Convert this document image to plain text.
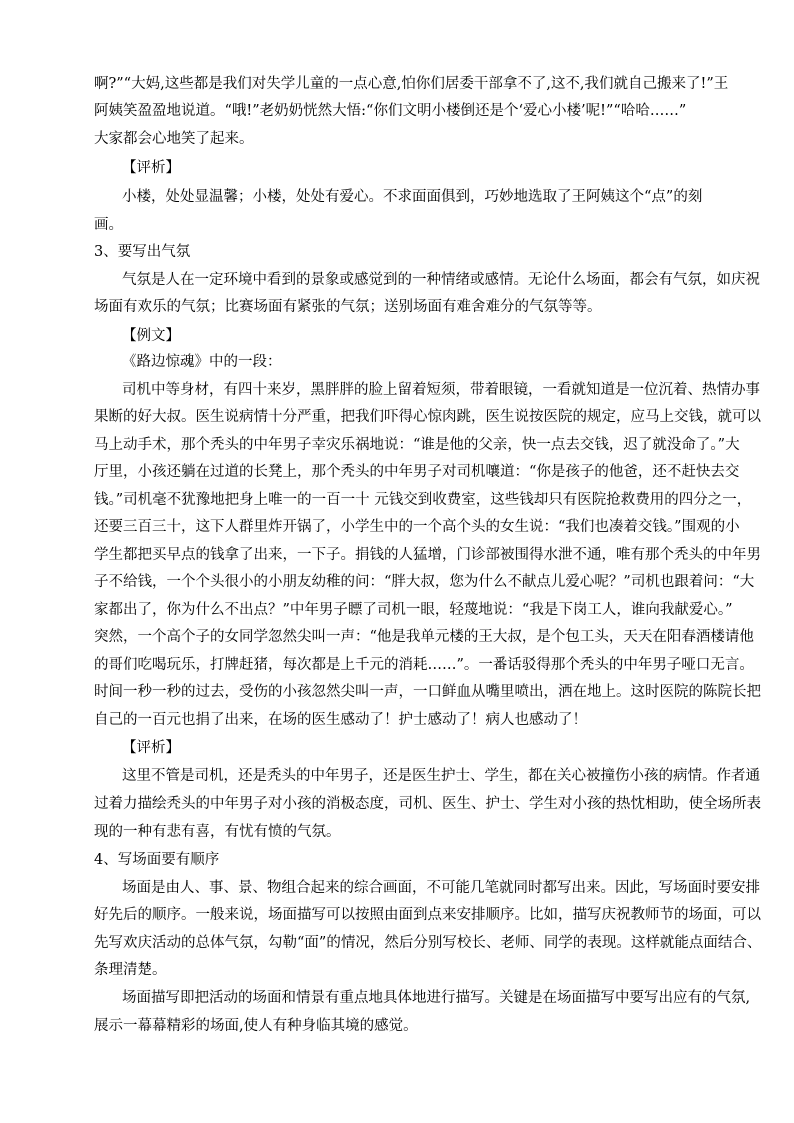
啊?”“大妈,这些都是我们对失学儿童的一点心意,怕你们居委干部拿不了,这不,我们就自己搬来了!”王
阿姨笑盈盈地说道。“哦!”老奶奶恍然大悟:“你们文明小楼倒还是个‘爱心小楼’呢!”“哈哈……”
大家都会心地笑了起来。
【评析】
小楼，处处显温馨；小楼，处处有爱心。不求面面俱到，巧妙地选取了王阿姨这个“点”的刻
画。
3、要写出气氛
气氛是人在一定环境中看到的景象或感觉到的一种情绪或感情。无论什么场面，都会有气氛，如庆祝
场面有欢乐的气氛；比赛场面有紧张的气氛；送别场面有难舍难分的气氛等等。
【例文】
《路边惊魂》中的一段：
司机中等身材，有四十来岁，黑胖胖的脸上留着短须，带着眼镜，一看就知道是一位沉着、热情办事
果断的好大叔。医生说病情十分严重，把我们吓得心惊肉跳，医生说按医院的规定，应马上交钱，就可以
马上动手术，那个秃头的中年男子幸灾乐祸地说：“谁是他的父亲，快一点去交钱，迟了就没命了。”大
厅里，小孩还躺在过道的长凳上，那个秃头的中年男子对司机嚷道：“你是孩子的他爸，还不赶快去交
钱。”司机毫不犹豫地把身上唯一的一百一十 元钱交到收费室，这些钱却只有医院抢救费用的四分之一，
还要三百三十，这下人群里炸开锅了，小学生中的一个高个头的女生说：“我们也凑着交钱。”围观的小
学生都把买早点的钱拿了出来，一下子。捐钱的人猛增，门诊部被围得水泄不通，唯有那个秃头的中年男
子不给钱，一个个头很小的小朋友幼稚的问：“胖大叔，您为什么不献点儿爱心呢？”司机也跟着问：“大
家都出了，你为什么不出点？”中年男子瞟了司机一眼，轻蔑地说：“我是下岗工人，谁向我献爱心。”
突然，一个高个子的女同学忽然尖叫一声：“他是我单元楼的王大叔，是个包工头，天天在阳春酒楼请他
的哥们吃喝玩乐，打牌赶猪，每次都是上千元的消耗……”。一番话驳得那个秃头的中年男子哑口无言。
时间一秒一秒的过去，受伤的小孩忽然尖叫一声，一口鲜血从嘴里喷出，洒在地上。这时医院的陈院长把
自己的一百元也捐了出来，在场的医生感动了！护士感动了！病人也感动了！
【评析】
这里不管是司机，还是秃头的中年男子，还是医生护士、学生，都在关心被撞伤小孩的病情。作者通
过着力描绘秃头的中年男子对小孩的消极态度，司机、医生、护士、学生对小孩的热忱相助，使全场所表
现的一种有悲有喜，有忧有愤的气氛。
4、写场面要有顺序
场面是由人、事、景、物组合起来的综合画面，不可能几笔就同时都写出来。因此，写场面时要安排
好先后的顺序。一般来说，场面描写可以按照由面到点来安排顺序。比如，描写庆祝教师节的场面，可以
先写欢庆活动的总体气氛，勾勒“面”的情况，然后分别写校长、老师、同学的表现。这样就能点面结合、
条理清楚。
场面描写即把活动的场面和情景有重点地具体地进行描写。关键是在场面描写中要写出应有的气氛,
展示一幕幕精彩的场面,使人有种身临其境的感觉。
